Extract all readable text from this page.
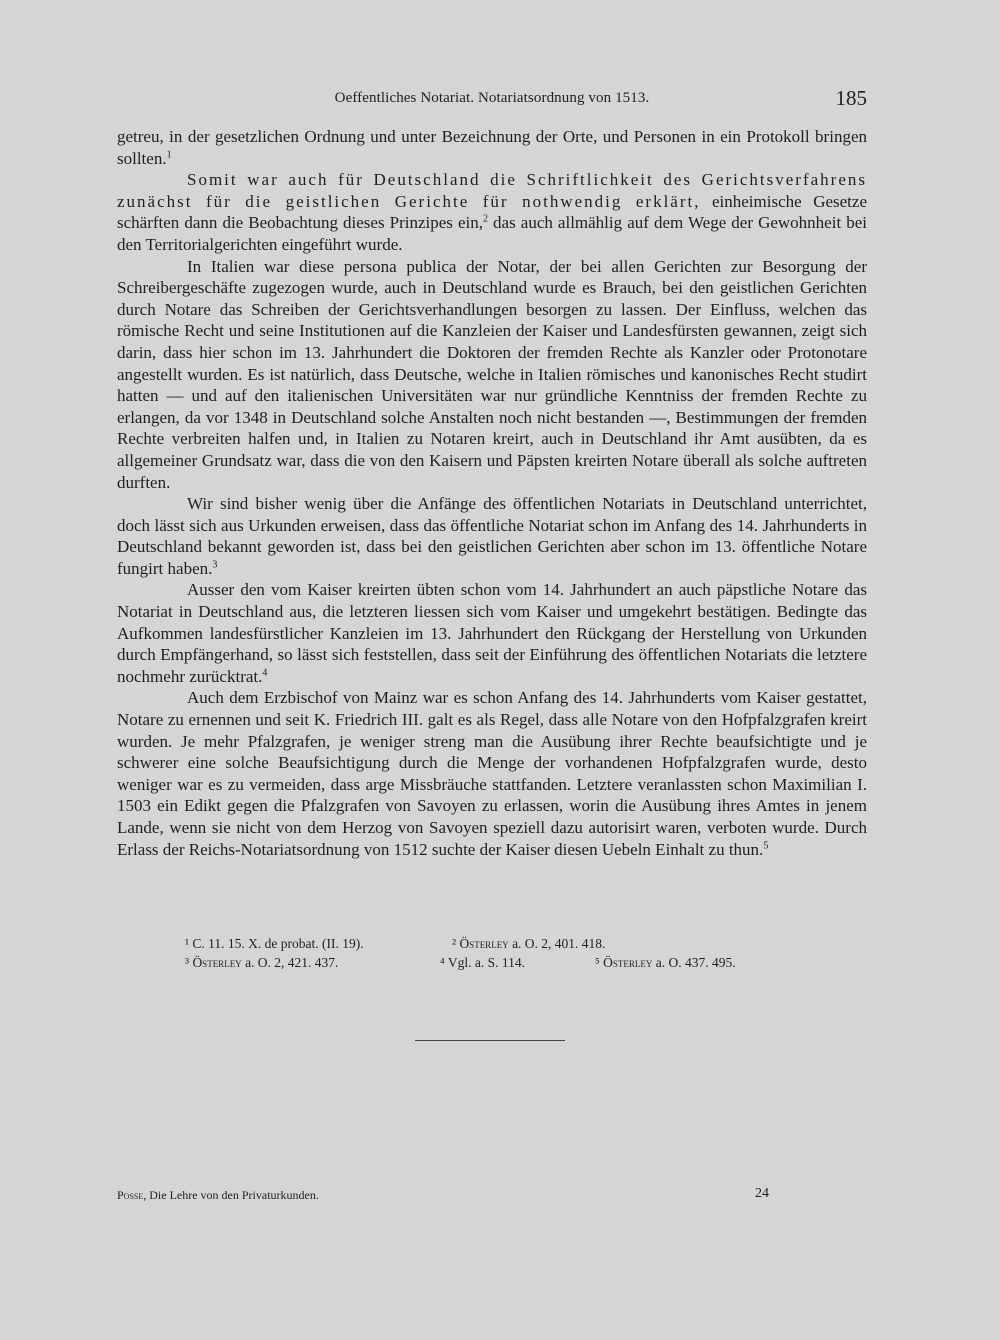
Oeffentliches Notariat. Notariatsordnung von 1513.	185

getreu, in der gesetzlichen Ordnung und unter Bezeichnung der Orte, und Personen in ein Protokoll bringen sollten.$^1$

Somit war auch für Deutschland die Schriftlichkeit des Gerichtsverfahrens zunächst für die geistlichen Gerichte für nothwendig erklärt, einheimische Gesetze schärften dann die Beobachtung dieses Prinzipes ein,$^2$ das auch allmählig auf dem Wege der Gewohnheit bei den Territorialgerichten eingeführt wurde.

In Italien war diese persona publica der Notar, der bei allen Gerichten zur Besorgung der Schreibergeschäfte zugezogen wurde, auch in Deutschland wurde es Brauch, bei den geistlichen Gerichten durch Notare das Schreiben der Gerichtsverhandlungen besorgen zu lassen. Der Einfluss, welchen das römische Recht und seine Institutionen auf die Kanzleien der Kaiser und Landesfürsten gewannen, zeigt sich darin, dass hier schon im 13. Jahrhundert die Doktoren der fremden Rechte als Kanzler oder Protonotare angestellt wurden. Es ist natürlich, dass Deutsche, welche in Italien römisches und kanonisches Recht studirt hatten — und auf den italienischen Universitäten war nur gründliche Kenntniss der fremden Rechte zu erlangen, da vor 1348 in Deutschland solche Anstalten noch nicht bestanden —, Bestimmungen der fremden Rechte verbreiten halfen und, in Italien zu Notaren kreirt, auch in Deutschland ihr Amt ausübten, da es allgemeiner Grundsatz war, dass die von den Kaisern und Päpsten kreirten Notare überall als solche auftreten durften.

Wir sind bisher wenig über die Anfänge des öffentlichen Notariats in Deutschland unterrichtet, doch lässt sich aus Urkunden erweisen, dass das öffentliche Notariat schon im Anfang des 14. Jahrhunderts in Deutschland bekannt geworden ist, dass bei den geistlichen Gerichten aber schon im 13. öffentliche Notare fungirt haben.$^3$

Ausser den vom Kaiser kreirten übten schon vom 14. Jahrhundert an auch päpstliche Notare das Notariat in Deutschland aus, die letzteren liessen sich vom Kaiser und umgekehrt bestätigen. Bedingte das Aufkommen landesfürstlicher Kanzleien im 13. Jahrhundert den Rückgang der Herstellung von Urkunden durch Empfängerhand, so lässt sich feststellen, dass seit der Einführung des öffentlichen Notariats die letztere nochmehr zurücktrat.$^4$

Auch dem Erzbischof von Mainz war es schon Anfang des 14. Jahrhunderts vom Kaiser gestattet, Notare zu ernennen und seit K. Friedrich III. galt es als Regel, dass alle Notare von den Hofpfalzgrafen kreirt wurden. Je mehr Pfalzgrafen, je weniger streng man die Ausübung ihrer Rechte beaufsichtigte und je schwerer eine solche Beaufsichtigung durch die Menge der vorhandenen Hofpfalzgrafen wurde, desto weniger war es zu vermeiden, dass arge Missbräuche stattfanden. Letztere veranlassten schon Maximilian I. 1503 ein Edikt gegen die Pfalzgrafen von Savoyen zu erlassen, worin die Ausübung ihres Amtes in jenem Lande, wenn sie nicht von dem Herzog von Savoyen speziell dazu autorisirt waren, verboten wurde. Durch Erlass der Reichs-Notariatsordnung von 1512 suchte der Kaiser diesen Uebeln Einhalt zu thun.$^5$

¹ C. 11. 15. X. de probat. (II. 19).	² Österley a. O. 2, 401. 418.
³ Österley a. O. 2, 421. 437.	⁴ Vgl. a. S. 114.	⁵ Österley a. O. 437. 495.
Posse, Die Lehre von den Privaturkunden.	24
